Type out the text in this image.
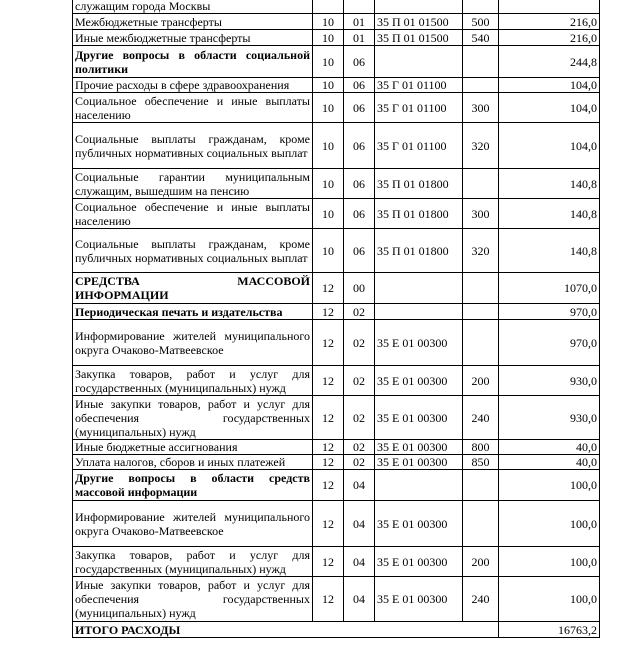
служащим города Москвы					
Межбюджетные трансферты	10	01	35 П 01 01500	500	216,0
Иные межбюджетные трансферты	10	01	35 П 01 01500	540	216,0
Другие вопросы в области социальной политики	10	06			244,8
Прочие расходы в сфере здравоохранения	10	06	35 Г 01 01100		104,0
Социальное обеспечение и иные выплаты населению	10	06	35 Г 01 01100	300	104,0
Социальные выплаты гражданам, кроме публичных нормативных социальных выплат	10	06	35 Г 01 01100	320	104,0
Социальные гарантии муниципальным служащим, вышедшим на пенсию	10	06	35 П 01 01800		140,8
Социальное обеспечение и иные выплаты населению	10	06	35 П 01 01800	300	140,8
Социальные выплаты гражданам, кроме публичных нормативных социальных выплат	10	06	35 П 01 01800	320	140,8
СРЕДСТВА МАССОВОЙ ИНФОРМАЦИИ	12	00			1070,0
Периодическая печать и издательства	12	02			970,0
Информирование жителей муниципального округа Очаково-Матвеевское	12	02	35 Е 01 00300		970,0
Закупка товаров, работ и услуг для государственных (муниципальных) нужд	12	02	35 Е 01 00300	200	930,0
Иные закупки товаров, работ и услуг для обеспечения государственных (муниципальных) нужд	12	02	35 Е 01 00300	240	930,0
Иные бюджетные ассигнования	12	02	35 Е 01 00300	800	40,0
Уплата налогов, сборов и иных платежей	12	02	35 Е 01 00300	850	40,0
Другие вопросы в области средств массовой информации	12	04			100,0
Информирование жителей муниципального округа Очаково-Матвеевское	12	04	35 Е 01 00300		100,0
Закупка товаров, работ и услуг для государственных (муниципальных) нужд	12	04	35 Е 01 00300	200	100,0
Иные закупки товаров, работ и услуг для обеспечения государственных (муниципальных) нужд	12	04	35 Е 01 00300	240	100,0
ИТОГО РАСХОДЫ					16763,2
